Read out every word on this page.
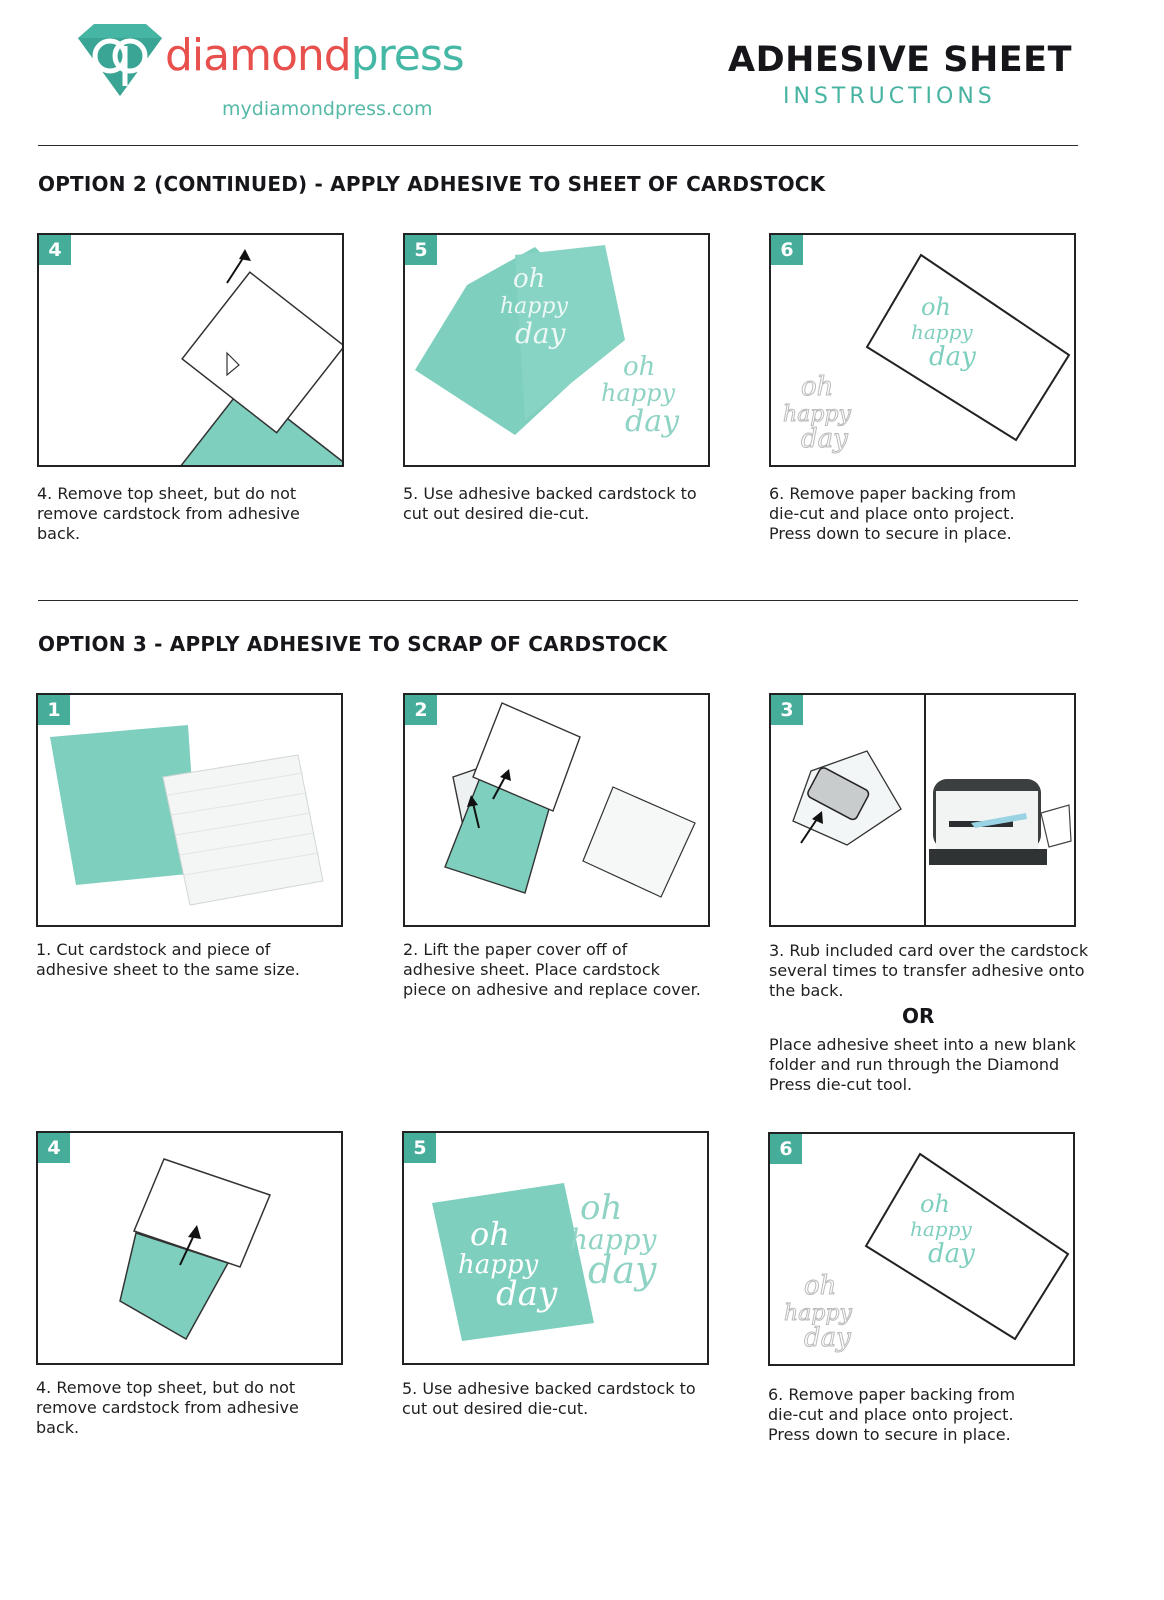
diamondpress
mydiamondpress.com
ADHESIVE SHEET
INSTRUCTIONS
OPTION 2 (CONTINUED) - APPLY ADHESIVE TO SHEET OF CARDSTOCK
4
4. Remove top sheet, but do not
remove cardstock from adhesive
back.
5
oh
happy
day
oh
happy
day
5. Use adhesive backed cardstock to
cut out desired die-cut.
6
oh
happy
day
oh
happy
day
6. Remove paper backing from
die-cut and place onto project.
Press down to secure in place.
OPTION 3 - APPLY ADHESIVE TO SCRAP OF CARDSTOCK
1
1. Cut cardstock and piece of
adhesive sheet to the same size.
2
2. Lift the paper cover off of
adhesive sheet. Place cardstock
piece on adhesive and replace cover.
3
3. Rub included card over the cardstock
several times to transfer adhesive onto
the back.
OR
Place adhesive sheet into a new blank
folder and run through the Diamond
Press die-cut tool.
4
4. Remove top sheet, but do not
remove cardstock from adhesive
back.
5
oh
happy
day
oh
happy
day
5. Use adhesive backed cardstock to
cut out desired die-cut.
6
oh
happy
day
oh
happy
day
6. Remove paper backing from
die-cut and place onto project.
Press down to secure in place.
